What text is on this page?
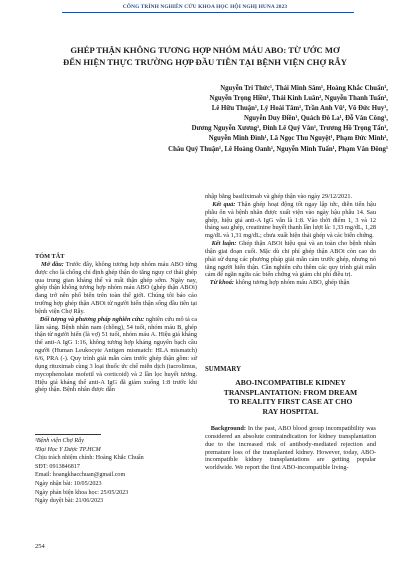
CÔNG TRÌNH NGHIÊN CỨU KHOA HỌC HỘI NGHỊ HUNA 2023
GHÉP THẬN KHÔNG TƯƠNG HỢP NHÓM MÁU ABO: TỪ ƯỚC MƠ
ĐẾN HIỆN THỰC TRƯỜNG HỢP ĐẦU TIÊN TẠI BỆNH VIỆN CHỢ RẪY
Nguyễn Trí Thức¹, Thái Minh Sâm¹, Hoàng Khắc Chuẩn¹,
Nguyễn Trọng Hiền¹, Thái Kinh Luân², Nguyễn Thanh Tuấn²,
Lê Hữu Thuận¹, Lý Hoài Tâm¹, Trần Anh Vũ¹, Võ Đức Huy¹,
Nguyễn Duy Điền¹, Quách Đô La¹, Đỗ Văn Công¹,
Dương Nguyễn Xương¹, Đinh Lê Quý Văn¹, Trương Hồ Trọng Tấn¹,
Nguyễn Minh Đình¹, Lã Ngọc Thu Nguyệt¹, Phạm Đức Minh²,
Châu Quý Thuận¹, Lê Hoàng Oanh¹, Nguyễn Minh Tuấn¹, Phạm Văn Đông¹

TÓM TẮT

Mở đầu: Trước đây, không tương hợp nhóm máu ABO từng được cho là chống chỉ định ghép thận do tăng nguy cơ thải ghép qua trung gian kháng thể và mất thận ghép sớm. Ngày nay, ghép thận không tương hợp nhóm máu ABO (ghép thận ABOi) đang trở nên phổ biến trên toàn thế giới. Chúng tôi báo cáo trường hợp ghép thận ABOi từ người hiến thận sống đầu tiên tại bệnh viện Chợ Rẫy.

Đối tượng và phương pháp nghiên cứu: nghiên cứu mô tả ca lâm sàng. Bệnh nhân nam (chồng), 54 tuổi, nhóm máu B, ghép thận từ người hiến (là vợ) 51 tuổi, nhóm máu A. Hiệu giá kháng thể anti-A IgG 1:16, không tương hợp kháng nguyên bạch cầu người (Human Leukocyte Antigen mismatch: HLA mismatch) 6/6, PRA (-). Quy trình giải mẫn cảm trước ghép thận gồm: sử dụng rituximab cùng 3 loại thuốc ức chế miễn dịch (tacrolimus, mycophenolate mofetil và corticoid) và 2 lần lọc huyết tương. Hiệu giá kháng thể anti-A IgG đã giảm xuống 1:8 trước khi ghép thận. Bệnh nhân được dẫn

¹Bệnh viện Chợ Rẫy
²Đại Học Y Dược TP.HCM
Chịu trách nhiệm chính: Hoàng Khắc Chuẩn
SĐT: 0913846817
Email: hoangkhacchuan@gmail.com
Ngày nhận bài: 10/05/2023
Ngày phản biện khoa học: 25/05/2023
Ngày duyệt bài: 21/06/2023

nhập bằng basiliximab và ghép thận vào ngày 29/12/2021.

Kết quả: Thận ghép hoạt động tốt ngay lập tức, diễn tiến hậu phẫu ổn và bệnh nhân được xuất viện vào ngày hậu phẫu 14. Sau ghép, hiệu giá anti-A IgG vẫn là 1:8. Vào thời điểm 1, 3 và 12 tháng sau ghép, creatinine huyết thanh lần lượt là: 1,33 mg/dL, 1,28 mg/dL và 1,31 mg/dL; chưa xuất hiện thải ghép và các biến chứng.

Kết luận: Ghép thận ABOi hiệu quả và an toàn cho bệnh nhân thận giai đoạn cuối. Mặc dù chi phí ghép thận ABOi còn cao do phải sử dụng các phương pháp giải mẫn cảm trước ghép, nhưng nó tăng người hiến thận. Cần nghiên cứu thêm các quy trình giải mẫn cảm để ngăn ngừa các biến chứng và giảm chi phí điều trị.

Từ khoá: không tương hợp nhóm máu ABO, ghép thận

SUMMARY
ABO-INCOMPATIBLE KIDNEY
TRANSPLANTATION: FROM DREAM
TO REALITY FIRST CASE AT CHO
RAY HOSPITAL

Background: In the past, ABO blood group incompatibility was considered an absolute contraindication for kidney transplantation due to the increased risk of antibody-mediated rejection and premature loss of the transplanted kidney. However, today, ABO-incompatible kidney transplantations are getting popular worldwide. We report the first ABO-incompatible living-

254
